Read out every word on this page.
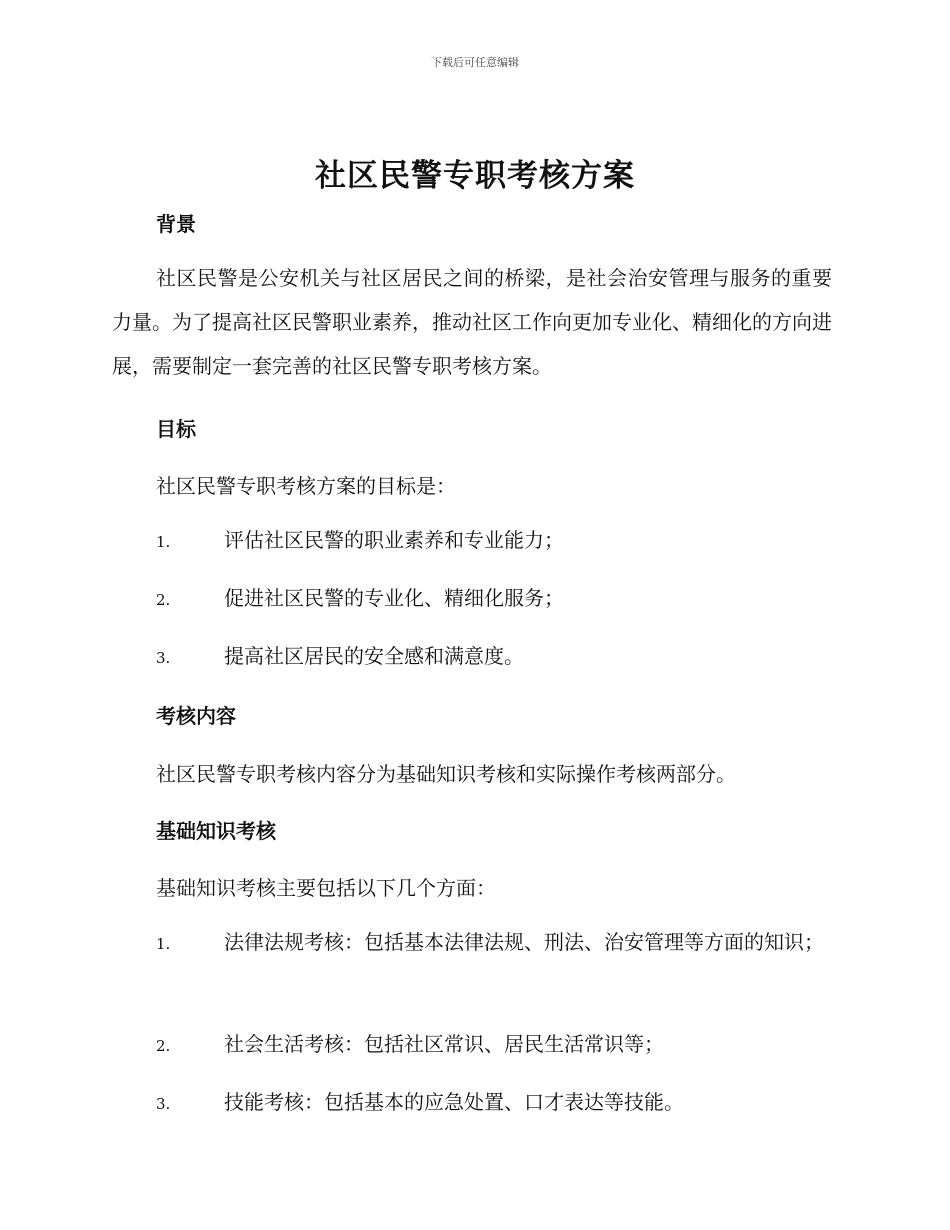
下载后可任意编辑
社区民警专职考核方案
背景
社区民警是公安机关与社区居民之间的桥梁，是社会治安管理与服务的重要力量。为了提高社区民警职业素养，推动社区工作向更加专业化、精细化的方向进展，需要制定一套完善的社区民警专职考核方案。
目标
社区民警专职考核方案的目标是：
1.	评估社区民警的职业素养和专业能力；
2.	促进社区民警的专业化、精细化服务；
3.	提高社区居民的安全感和满意度。
考核内容
社区民警专职考核内容分为基础知识考核和实际操作考核两部分。
基础知识考核
基础知识考核主要包括以下几个方面：
1.	法律法规考核：包括基本法律法规、刑法、治安管理等方面的知识；
2.	社会生活考核：包括社区常识、居民生活常识等；
3.	技能考核：包括基本的应急处置、口才表达等技能。
